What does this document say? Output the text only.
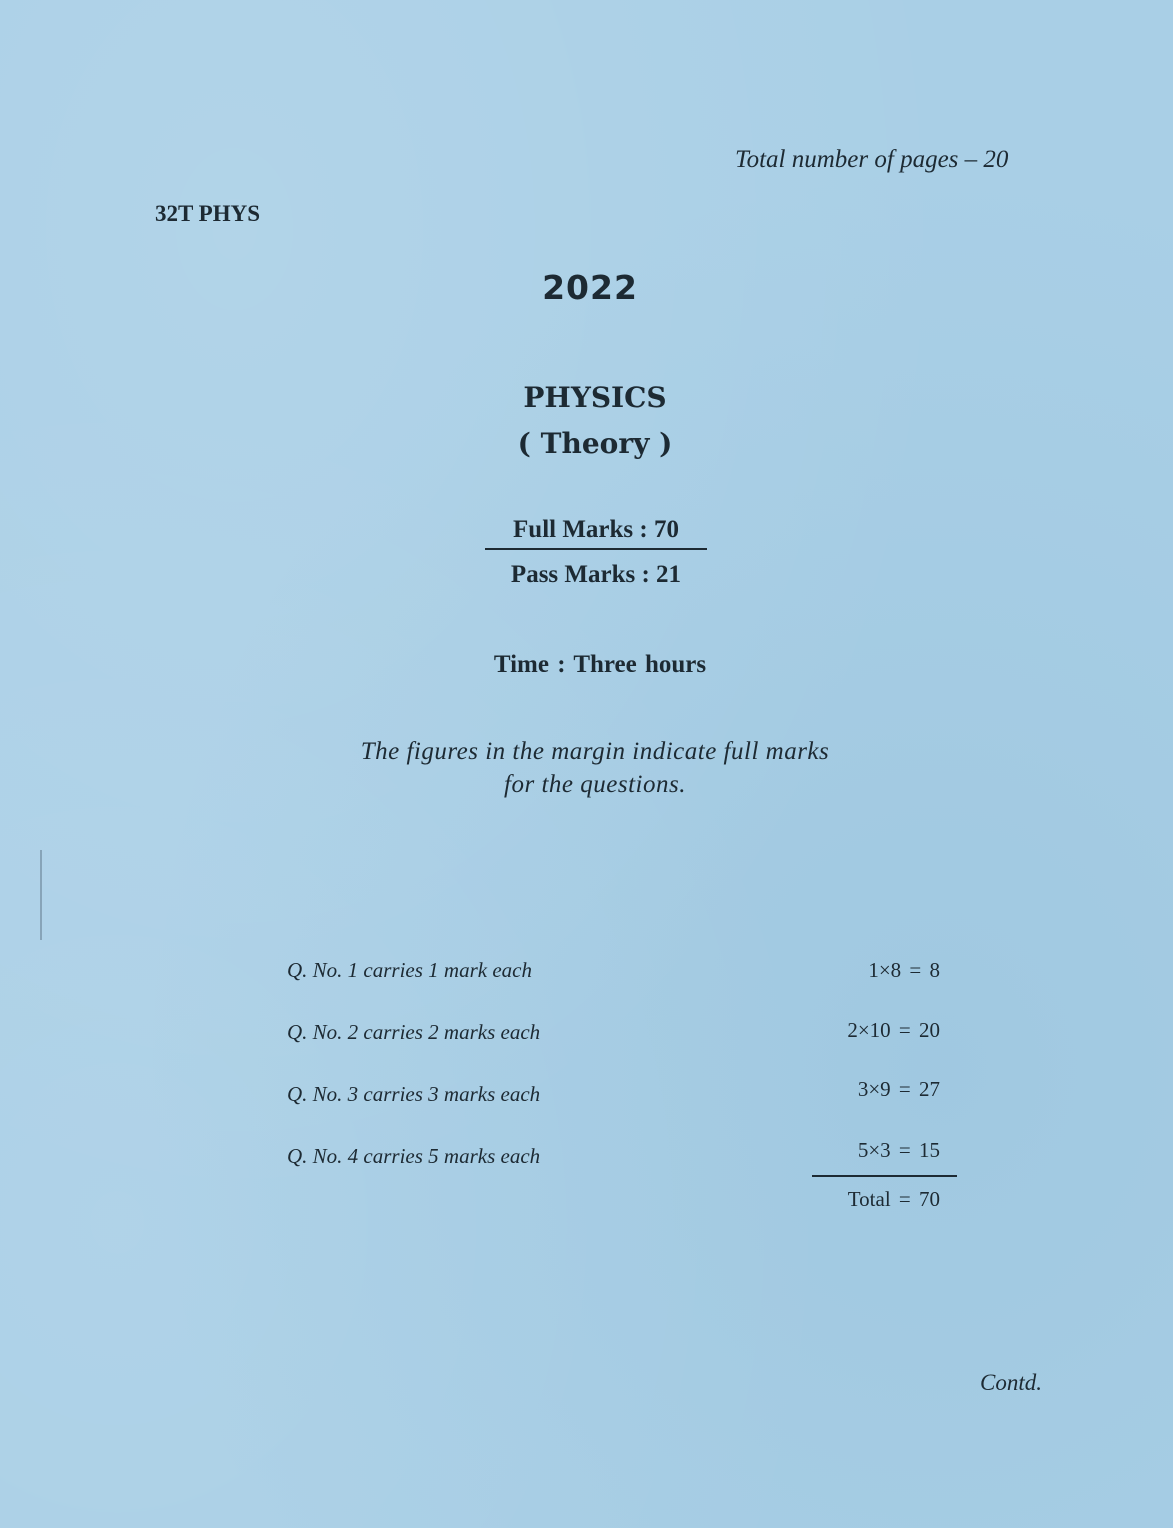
Total number of pages – 20
32T PHYS
2022
PHYSICS
( Theory )
Full Marks : 70
Pass Marks : 21
Time : Three hours
The figures in the margin indicate full marks
for the questions.
Q. No. 1 carries 1 mark each	1×8 = 8
Q. No. 2 carries 2 marks each	2×10 = 20
Q. No. 3 carries 3 marks each	3×9 = 27
Q. No. 4 carries 5 marks each	5×3 = 15
Total = 70
Contd.
